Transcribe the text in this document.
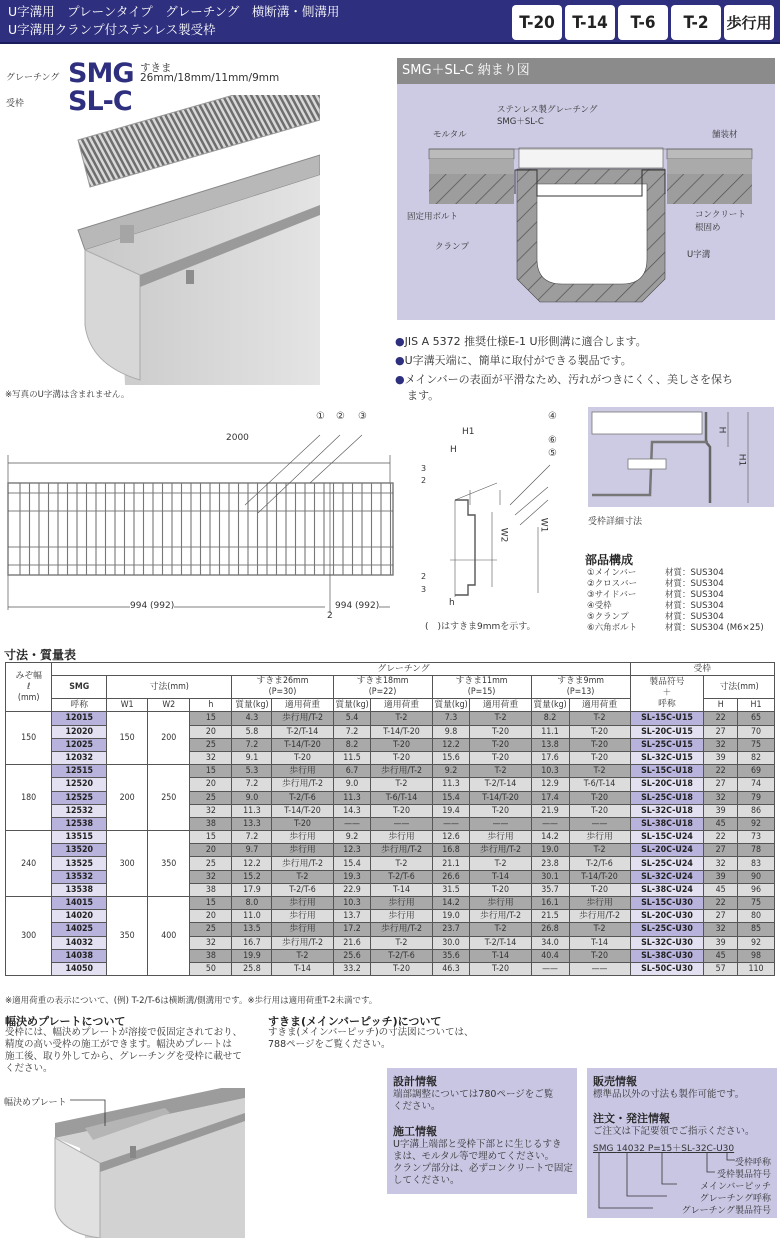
U字溝用　プレーンタイプ　グレーチング　横断溝・側溝用
U字溝用クランプ付ステンレス製受枠	T-20	T-14	T-6	T-2	歩行用
グレーチング SMG
受枠 SL-C
すきま
26mm/18mm/11mm/9mm
※写真のU字溝は含まれません。
SMG＋SL-C 納まり図
ステンレス製グレーチング
SMG＋SL-C
モルタル	舗装材
固定用ボルト	コンクリート
根固め
クランプ
U字溝
●JIS A 5372 推奨仕様E-1 U形側溝に適合します。
●U字溝天端に、簡単に取付ができる製品です。
●メインバーの表面が平滑なため、汚れがつきにくく、美しさを保ち
ます。
2000
994 (992)	994 (992)
2
① ② ③	④
⑤
⑥
H1
H
W2
W1
h
2
3
2
3
(　)はすきま9mmを示す。
H
H1
受枠詳細寸法
部品構成
①メインバー	材質：SUS304
②クロスバー	材質：SUS304
③サイドバー	材質：SUS304
④受枠	材質：SUS304
⑤クランプ	材質：SUS304
⑥六角ボルト	材質：SUS304 (M6×25)
寸法・質量表
みぞ幅
ℓ
(mm)	グレーチング												受枠		
	SMG	寸法(mm)			すきま26mm
(P=30)		すきま18mm
(P=22)		すきま11mm
(P=15)		すきま9mm
(P=13)		製品符号
＋
呼称	寸法(mm)	
	呼称	W1	W2	h	質量(kg)	適用荷重	質量(kg)	適用荷重	質量(kg)	適用荷重	質量(kg)	適用荷重		H	H1
150	12015	150	200	15	4.3	歩行用/T-2	5.4	T-2	7.3	T-2	8.2	T-2	SL-15C-U15	22	65
	12020			20	5.8	T-2/T-14	7.2	T-14/T-20	9.8	T-20	11.1	T-20	SL-20C-U15	27	70
	12025			25	7.2	T-14/T-20	8.2	T-20	12.2	T-20	13.8	T-20	SL-25C-U15	32	75
	12032			32	9.1	T-20	11.5	T-20	15.6	T-20	17.6	T-20	SL-32C-U15	39	82
180	12515	200	250	15	5.3	歩行用	6.7	歩行用/T-2	9.2	T-2	10.3	T-2	SL-15C-U18	22	69
	12520			20	7.2	歩行用/T-2	9.0	T-2	11.3	T-2/T-14	12.9	T-6/T-14	SL-20C-U18	27	74
	12525			25	9.0	T-2/T-6	11.3	T-6/T-14	15.4	T-14/T-20	17.4	T-20	SL-25C-U18	32	79
	12532			32	11.3	T-14/T-20	14.3	T-20	19.4	T-20	21.9	T-20	SL-32C-U18	39	86
	12538			38	13.3	T-20	——	——	——	——	——	——	SL-38C-U18	45	92
240	13515	300	350	15	7.2	歩行用	9.2	歩行用	12.6	歩行用	14.2	歩行用	SL-15C-U24	22	73
	13520			20	9.7	歩行用	12.3	歩行用/T-2	16.8	歩行用/T-2	19.0	T-2	SL-20C-U24	27	78
	13525			25	12.2	歩行用/T-2	15.4	T-2	21.1	T-2	23.8	T-2/T-6	SL-25C-U24	32	83
	13532			32	15.2	T-2	19.3	T-2/T-6	26.6	T-14	30.1	T-14/T-20	SL-32C-U24	39	90
	13538			38	17.9	T-2/T-6	22.9	T-14	31.5	T-20	35.7	T-20	SL-38C-U24	45	96
300	14015	350	400	15	8.0	歩行用	10.3	歩行用	14.2	歩行用	16.1	歩行用	SL-15C-U30	22	75
	14020			20	11.0	歩行用	13.7	歩行用	19.0	歩行用/T-2	21.5	歩行用/T-2	SL-20C-U30	27	80
	14025			25	13.5	歩行用	17.2	歩行用/T-2	23.7	T-2	26.8	T-2	SL-25C-U30	32	85
	14032			32	16.7	歩行用/T-2	21.6	T-2	30.0	T-2/T-14	34.0	T-14	SL-32C-U30	39	92
	14038			38	19.9	T-2	25.6	T-2/T-6	35.6	T-14	40.4	T-20	SL-38C-U30	45	98
	14050			50	25.8	T-14	33.2	T-20	46.3	T-20	——	——	SL-50C-U30	57	110
※適用荷重の表示について、(例) T-2/T-6は横断溝/側溝用です。※歩行用は適用荷重T-2未満です。
幅決めプレートについて
受枠には、幅決めプレートが溶接で仮固定されており、
精度の高い受枠の施工ができます。幅決めプレートは
施工後、取り外してから、グレーチングを受枠に載せて
ください。
すきま(メインバーピッチ)について
すきま(メインバーピッチ)の寸法図については、
788ページをご覧ください。
幅決めプレート
設計情報
端部調整については780ページをご覧
ください。
施工情報
U字溝上端部と受枠下部とに生じるすき
まは、モルタル等で埋めてください。
クランプ部分は、必ずコンクリートで固定
してください。
販売情報
標準品以外の寸法も製作可能です。
注文・発注情報
ご注文は下記要領でご指示ください。
SMG 14032 P=15＋SL-32C-U30
受枠呼称
受枠製品符号
メインバーピッチ
グレーチング呼称
グレーチング製品符号
